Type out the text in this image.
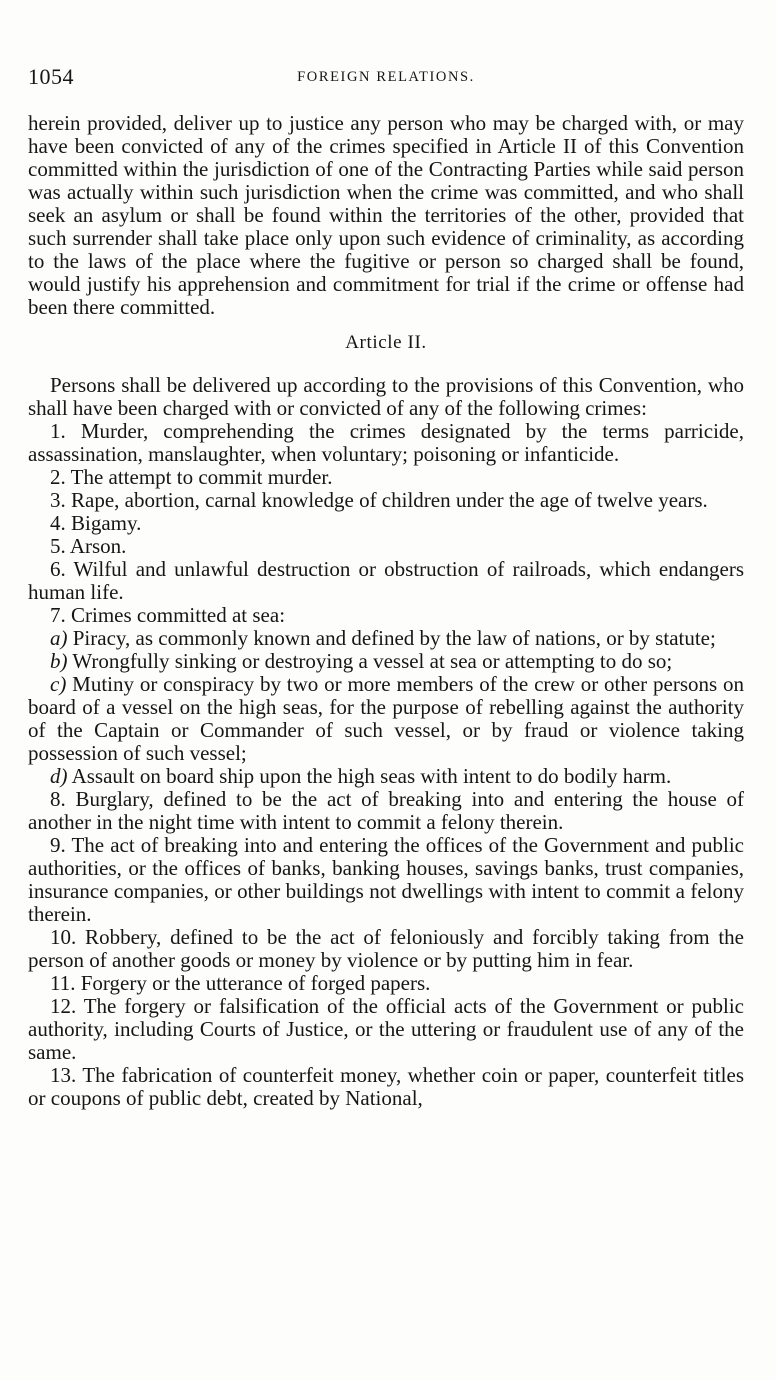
1054	FOREIGN RELATIONS.

herein provided, deliver up to justice any person who may be charged with, or may have been convicted of any of the crimes specified in Article II of this Convention committed within the jurisdiction of one of the Contracting Parties while said person was actually within such jurisdiction when the crime was committed, and who shall seek an asylum or shall be found within the territories of the other, provided that such surrender shall take place only upon such evidence of criminality, as according to the laws of the place where the fugitive or person so charged shall be found, would justify his apprehension and commitment for trial if the crime or offense had been there committed.

Article II.

Persons shall be delivered up according to the provisions of this Convention, who shall have been charged with or convicted of any of the following crimes:

1. Murder, comprehending the crimes designated by the terms parricide, assassination, manslaughter, when voluntary; poisoning or infanticide.

2. The attempt to commit murder.

3. Rape, abortion, carnal knowledge of children under the age of twelve years.

4. Bigamy.

5. Arson.

6. Wilful and unlawful destruction or obstruction of railroads, which endangers human life.

7. Crimes committed at sea:

a) Piracy, as commonly known and defined by the law of nations, or by statute;

b) Wrongfully sinking or destroying a vessel at sea or attempting to do so;

c) Mutiny or conspiracy by two or more members of the crew or other persons on board of a vessel on the high seas, for the purpose of rebelling against the authority of the Captain or Commander of such vessel, or by fraud or violence taking possession of such vessel;

d) Assault on board ship upon the high seas with intent to do bodily harm.

8. Burglary, defined to be the act of breaking into and entering the house of another in the night time with intent to commit a felony therein.

9. The act of breaking into and entering the offices of the Government and public authorities, or the offices of banks, banking houses, savings banks, trust companies, insurance companies, or other buildings not dwellings with intent to commit a felony therein.

10. Robbery, defined to be the act of feloniously and forcibly taking from the person of another goods or money by violence or by putting him in fear.

11. Forgery or the utterance of forged papers.

12. The forgery or falsification of the official acts of the Government or public authority, including Courts of Justice, or the uttering or fraudulent use of any of the same.

13. The fabrication of counterfeit money, whether coin or paper, counterfeit titles or coupons of public debt, created by National,
